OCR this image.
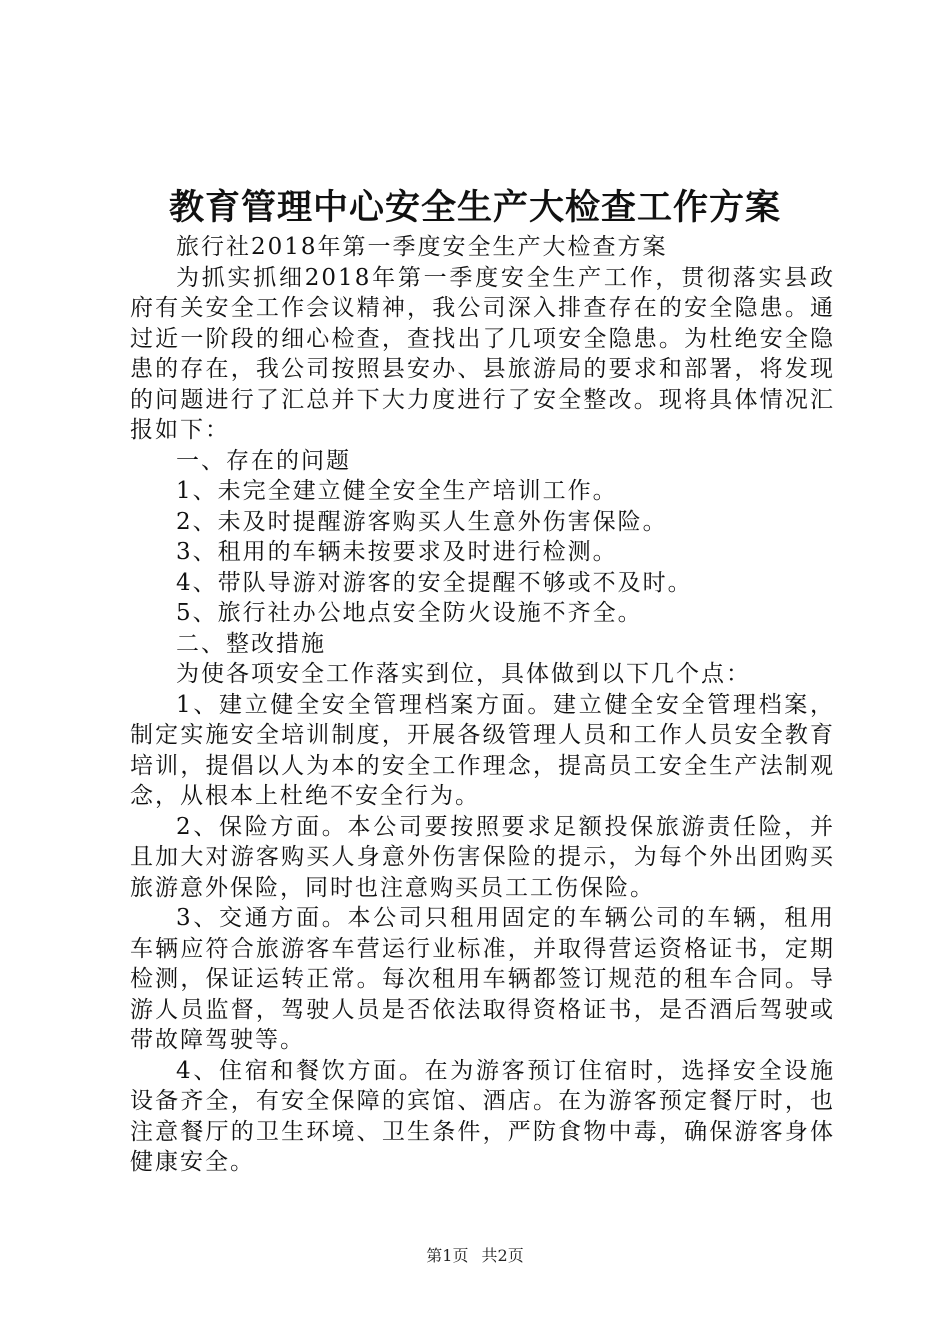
教育管理中心安全生产大检查工作方案

旅行社2018年第一季度安全生产大检查方案

为抓实抓细2018年第一季度安全生产工作，贯彻落实县政府有关安全工作会议精神，我公司深入排查存在的安全隐患。通过近一阶段的细心检查，查找出了几项安全隐患。为杜绝安全隐患的存在，我公司按照县安办、县旅游局的要求和部署，将发现的问题进行了汇总并下大力度进行了安全整改。现将具体情况汇报如下：

一、存在的问题

1、未完全建立健全安全生产培训工作。

2、未及时提醒游客购买人生意外伤害保险。

3、租用的车辆未按要求及时进行检测。

4、带队导游对游客的安全提醒不够或不及时。

5、旅行社办公地点安全防火设施不齐全。

二、整改措施

为使各项安全工作落实到位，具体做到以下几个点：

1、建立健全安全管理档案方面。建立健全安全管理档案，制定实施安全培训制度，开展各级管理人员和工作人员安全教育培训，提倡以人为本的安全工作理念，提高员工安全生产法制观念，从根本上杜绝不安全行为。

2、保险方面。本公司要按照要求足额投保旅游责任险，并且加大对游客购买人身意外伤害保险的提示，为每个外出团购买旅游意外保险，同时也注意购买员工工伤保险。

3、交通方面。本公司只租用固定的车辆公司的车辆，租用车辆应符合旅游客车营运行业标准，并取得营运资格证书，定期检测，保证运转正常。每次租用车辆都签订规范的租车合同。导游人员监督，驾驶人员是否依法取得资格证书，是否酒后驾驶或带故障驾驶等。

4、住宿和餐饮方面。在为游客预订住宿时，选择安全设施设备齐全，有安全保障的宾馆、酒店。在为游客预定餐厅时，也注意餐厅的卫生环境、卫生条件，严防食物中毒，确保游客身体健康安全。

第1页 共2页
